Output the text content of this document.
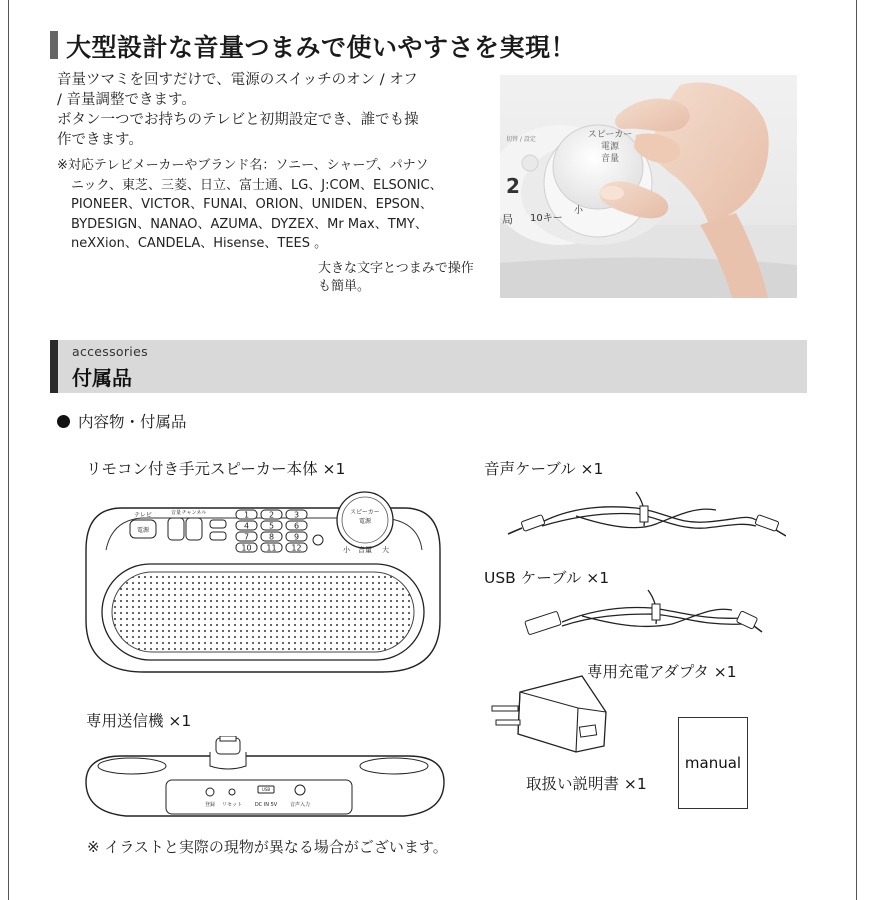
大型設計な音量つまみで使いやすさを実現！

音量ツマミを回すだけで、電源のスイッチのオン / オフ

/ 音量調整できます。

ボタン一つでお持ちのテレビと初期設定でき、誰でも操

作できます。

※対応テレビメーカーやブランド名：ソニー、シャープ、パナソ
ニック、東芝、三菱、日立、富士通、LG、J:COM、ELSONIC、
PIONEER、VICTOR、FUNAI、ORION、UNIDEN、EPSON、
BYDESIGN、NANAO、AZUMA、DYZEX、Mr Max、TMY、
neXXion、CANDELA、Hisense、TEES 。
大きな文字とつまみで操作
も簡単。
スピーカー
電源
音量
2
局 10キー
小
切替 / 設定
accessories
付属品
内容物・付属品
リモコン付き手元スピーカー本体 ×1	音声ケーブル ×1
USB ケーブル ×1
専用充電アダプタ ×1
専用送信機 ×1
取扱い説明書 ×1
テレビ
電源
音量 チャンネル	1 2 3
4 5 6
7 8 9
10 11 12
スピーカー
電源
小 音量 大
manual
登録 リセット
USB
DC IN 5V	音声入力
※ イラストと実際の現物が異なる場合がございます。
